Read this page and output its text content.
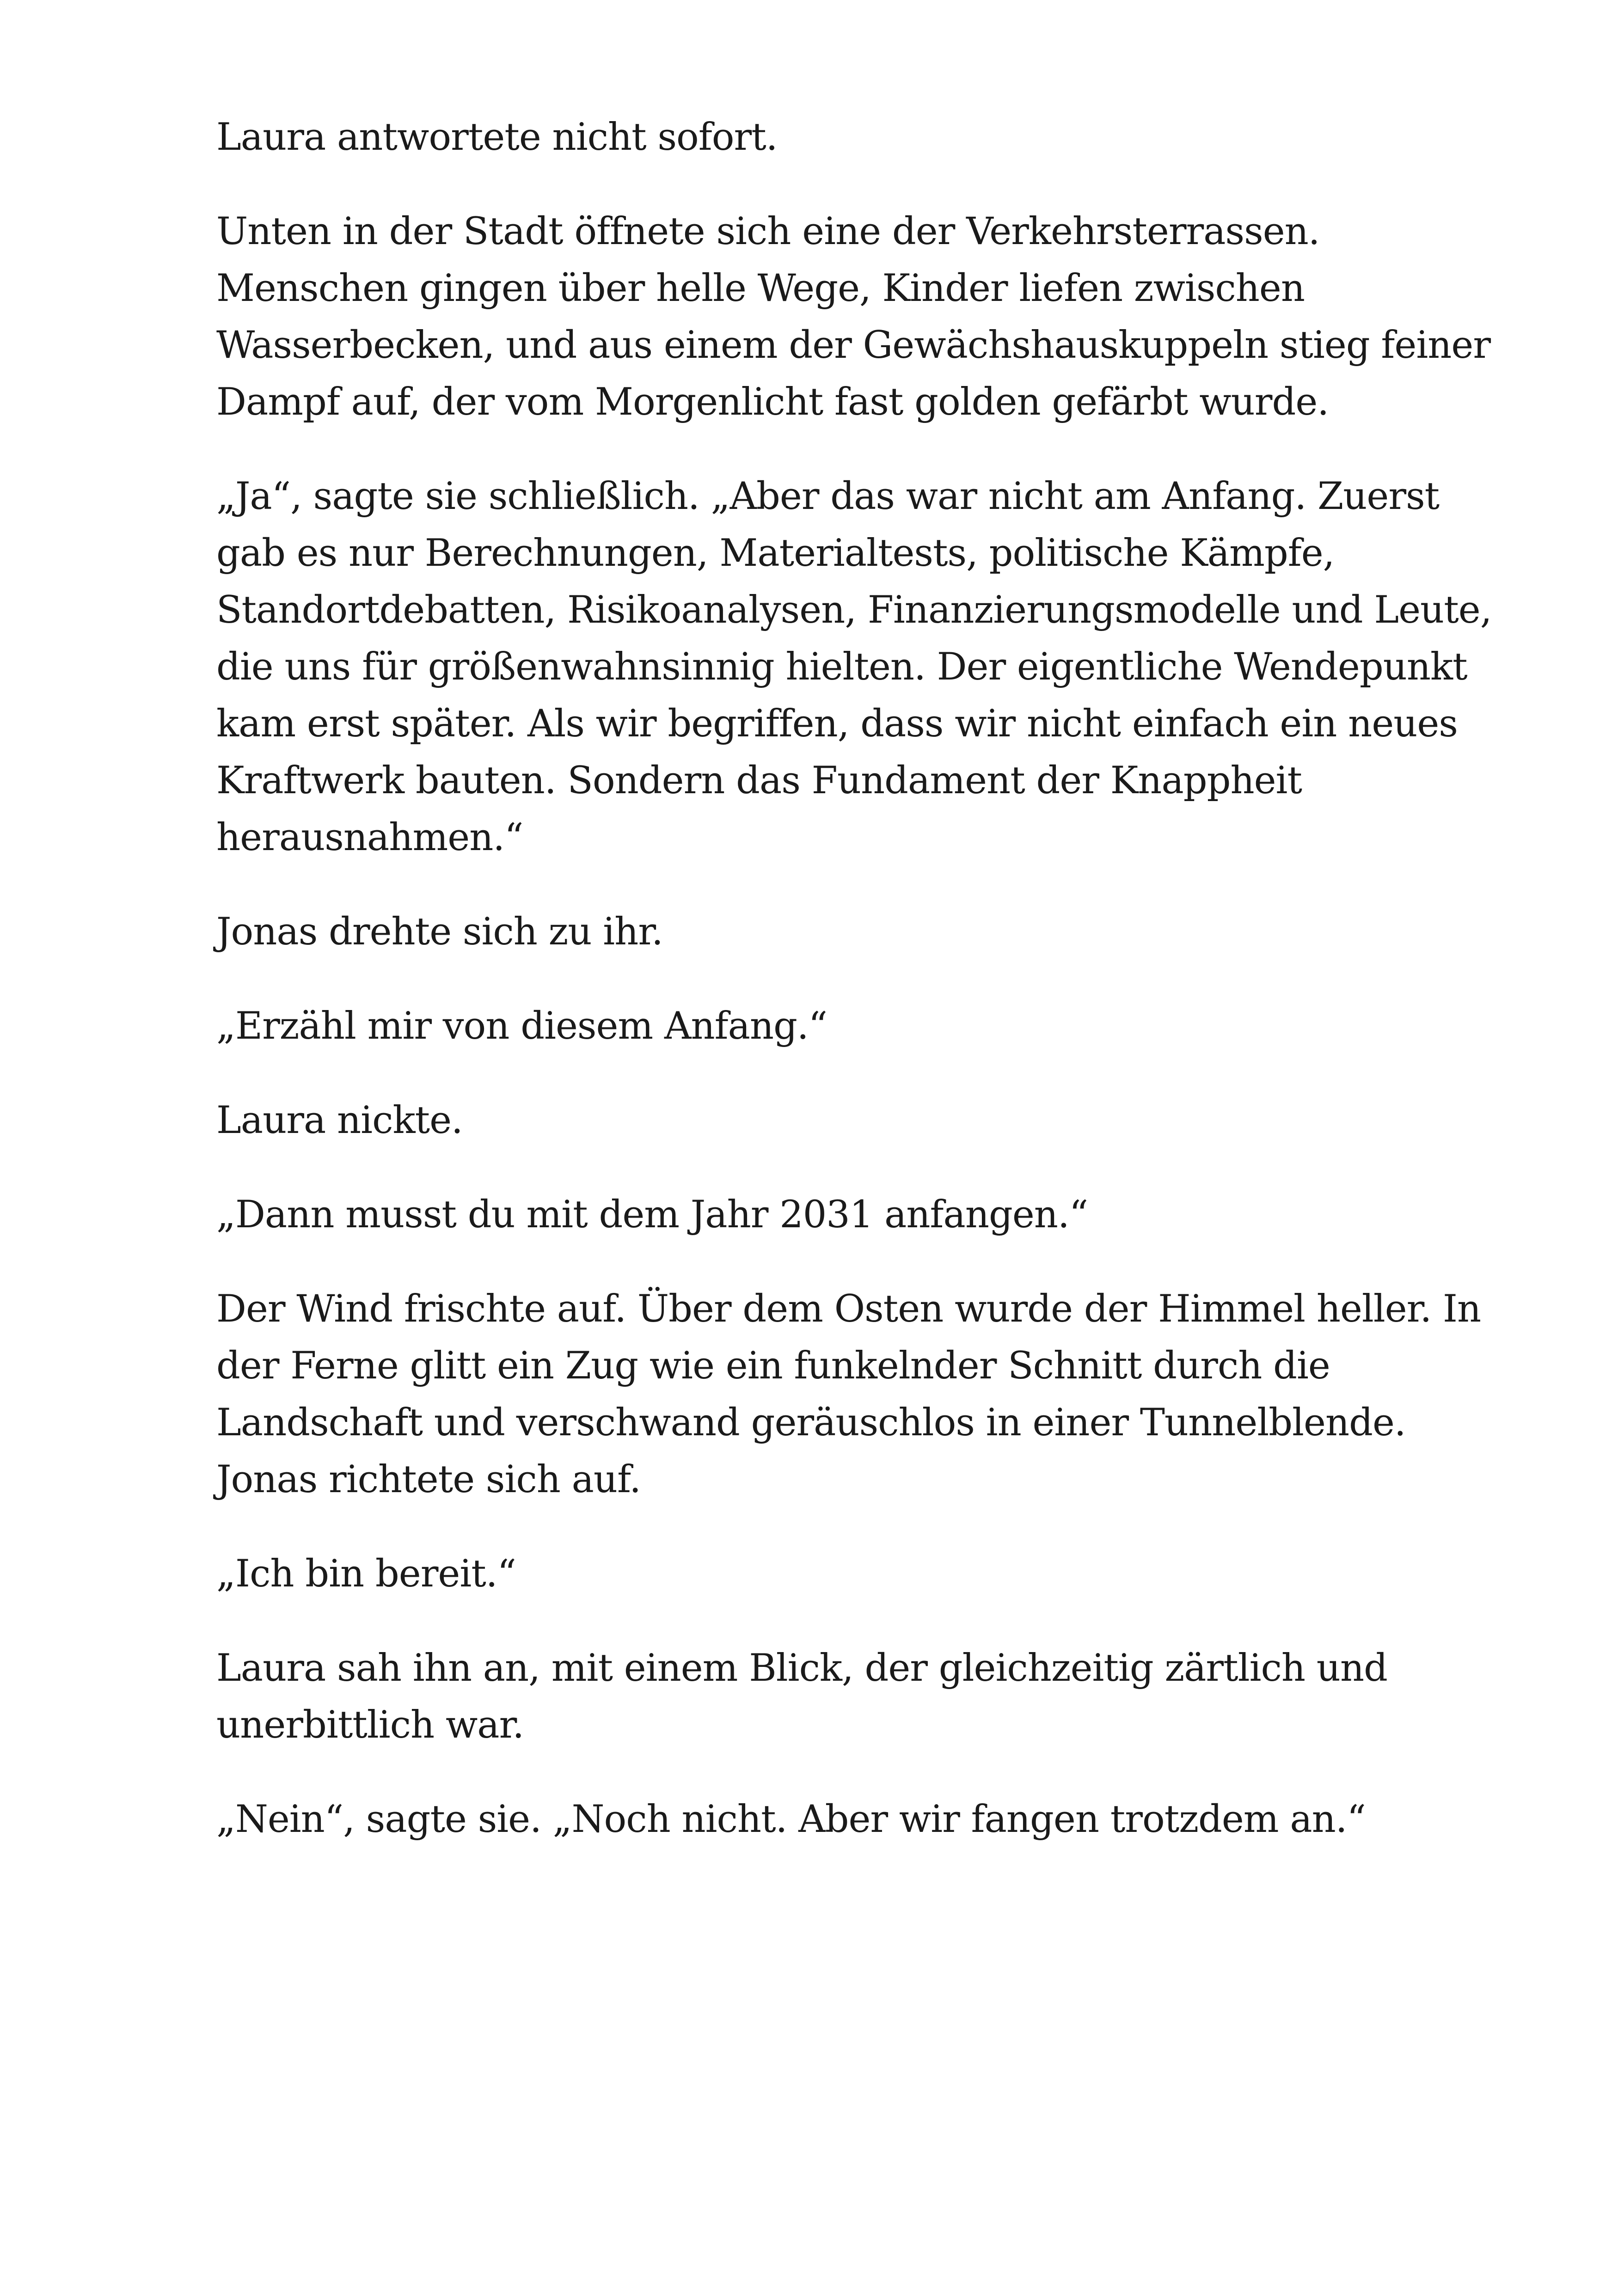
Laura antwortete nicht sofort.

Unten in der Stadt öffnete sich eine der Verkehrsterrassen. Menschen gingen über helle Wege, Kinder liefen zwischen Wasserbecken, und aus einem der Gewächshauskuppeln stieg feiner Dampf auf, der vom Morgenlicht fast golden gefärbt wurde.

„Ja“, sagte sie schließlich. „Aber das war nicht am Anfang. Zuerst gab es nur Berechnungen, Materialtests, politische Kämpfe, Standortdebatten, Risikoanalysen, Finanzierungsmodelle und Leute, die uns für größenwahnsinnig hielten. Der eigentliche Wendepunkt kam erst später. Als wir begriffen, dass wir nicht einfach ein neues Kraftwerk bauten. Sondern das Fundament der Knappheit herausnahmen.“

Jonas drehte sich zu ihr.

„Erzähl mir von diesem Anfang.“

Laura nickte.

„Dann musst du mit dem Jahr 2031 anfangen.“

Der Wind frischte auf. Über dem Osten wurde der Himmel heller. In der Ferne glitt ein Zug wie ein funkelnder Schnitt durch die Landschaft und verschwand geräuschlos in einer Tunnelblende. Jonas richtete sich auf.

„Ich bin bereit.“

Laura sah ihn an, mit einem Blick, der gleichzeitig zärtlich und unerbittlich war.

„Nein“, sagte sie. „Noch nicht. Aber wir fangen trotzdem an.“
